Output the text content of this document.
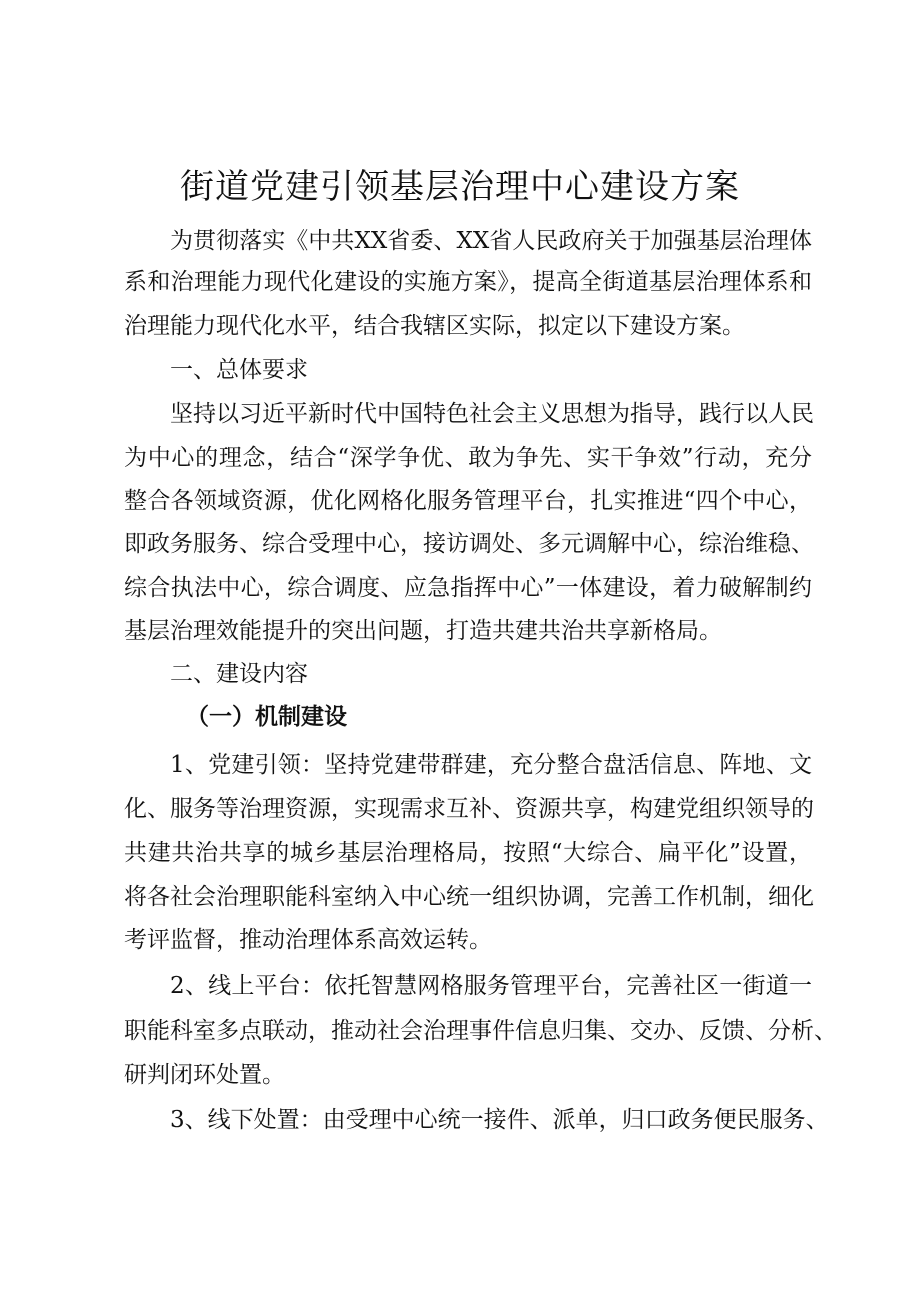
街道党建引领基层治理中心建设方案
为贯彻落实《中共XX省委、XX省人民政府关于加强基层治理体
系和治理能力现代化建设的实施方案》，提高全街道基层治理体系和
治理能力现代化水平，结合我辖区实际，拟定以下建设方案。
一、总体要求
坚持以习近平新时代中国特色社会主义思想为指导，践行以人民
为中心的理念，结合“深学争优、敢为争先、实干争效”行动，充分
整合各领域资源，优化网格化服务管理平台，扎实推进“四个中心，
即政务服务、综合受理中心，接访调处、多元调解中心，综治维稳、
综合执法中心，综合调度、应急指挥中心”一体建设，着力破解制约
基层治理效能提升的突出问题，打造共建共治共享新格局。
二、建设内容
（一）机制建设
1、党建引领：坚持党建带群建，充分整合盘活信息、阵地、文
化、服务等治理资源，实现需求互补、资源共享，构建党组织领导的
共建共治共享的城乡基层治理格局，按照“大综合、扁平化”设置，
将各社会治理职能科室纳入中心统一组织协调，完善工作机制，细化
考评监督，推动治理体系高效运转。
2、线上平台：依托智慧网格服务管理平台，完善社区一街道一
职能科室多点联动，推动社会治理事件信息归集、交办、反馈、分析、
研判闭环处置。
3、线下处置：由受理中心统一接件、派单，归口政务便民服务、
